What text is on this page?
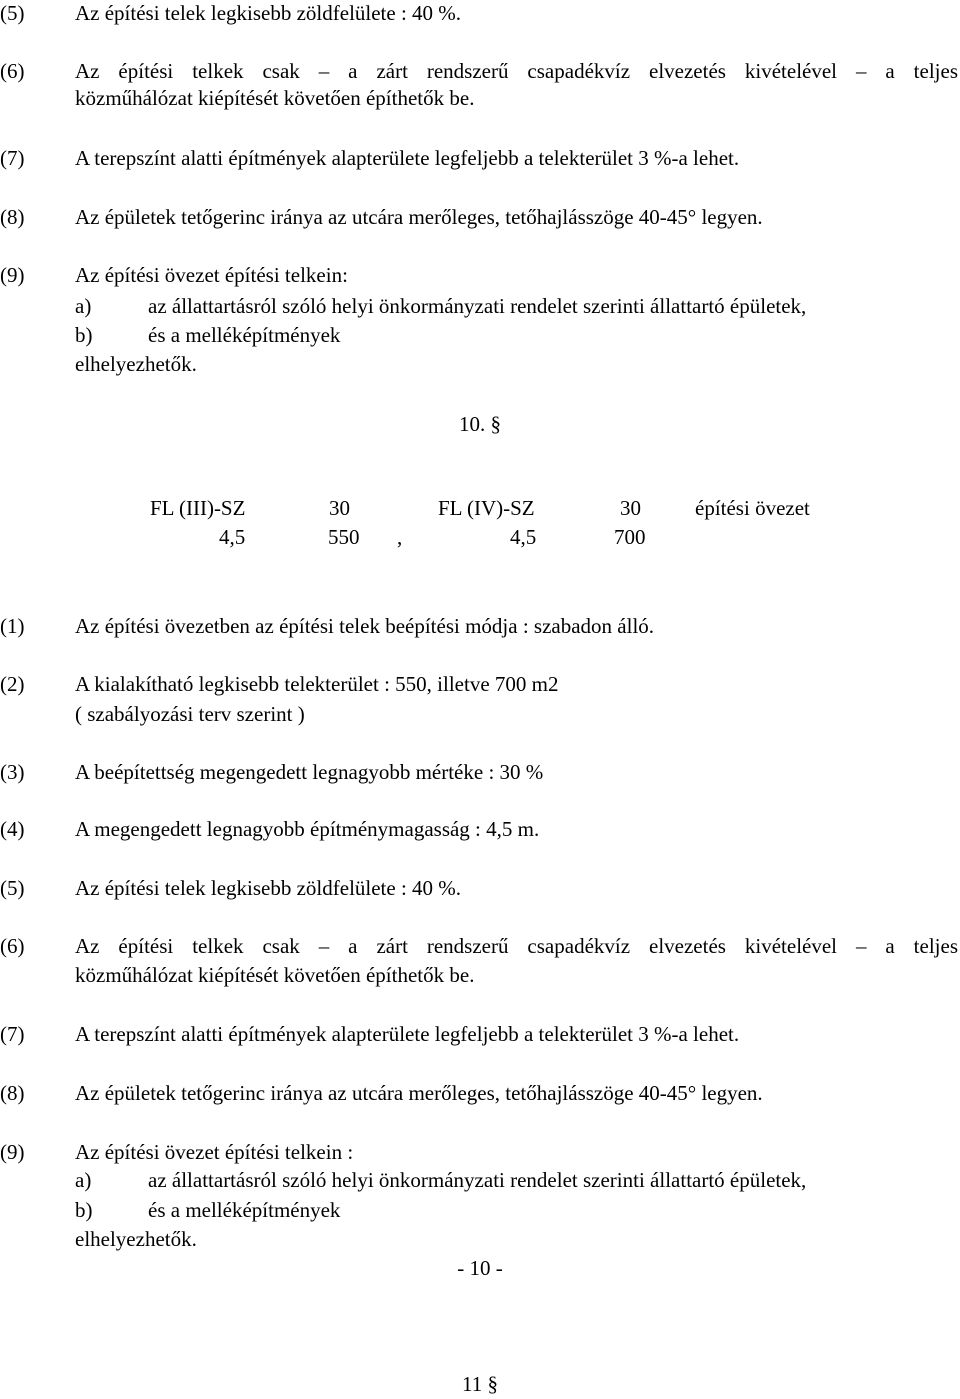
(5) Az építési telek legkisebb zöldfelülete : 40 %.
(6) Az építési telkek csak – a zárt rendszerű csapadékvíz elvezetés kivételével – a teljes
közműhálózat kiépítését követően építhetők be.
(7) A terepszínt alatti építmények alapterülete legfeljebb a telekterület 3 %-a lehet.
(8) Az épületek tetőgerinc iránya az utcára merőleges, tetőhajlásszöge 40-45° legyen.
(9) Az építési övezet építési telkein:
a)	az állattartásról szóló helyi önkormányzati rendelet szerinti állattartó épületek,
b)	és a melléképítmények
elhelyezhetők.
10. §
FL (III)-SZ	30	FL (IV)-SZ	30	építési övezet
4,5	550 ,	4,5	700
(1) Az építési övezetben az építési telek beépítési módja : szabadon álló.
(2) A kialakítható legkisebb telekterület : 550, illetve 700 m2
( szabályozási terv szerint )
(3) A beépítettség megengedett legnagyobb mértéke : 30 %
(4) A megengedett legnagyobb építménymagasság : 4,5 m.
(5) Az építési telek legkisebb zöldfelülete : 40 %.
(6) Az építési telkek csak – a zárt rendszerű csapadékvíz elvezetés kivételével – a teljes
közműhálózat kiépítését követően építhetők be.
(7) A terepszínt alatti építmények alapterülete legfeljebb a telekterület 3 %-a lehet.
(8) Az épületek tetőgerinc iránya az utcára merőleges, tetőhajlásszöge 40-45° legyen.
(9) Az építési övezet építési telkein :
a)	az állattartásról szóló helyi önkormányzati rendelet szerinti állattartó épületek,
b)	és a melléképítmények
elhelyezhetők.
- 10 -
11 §
